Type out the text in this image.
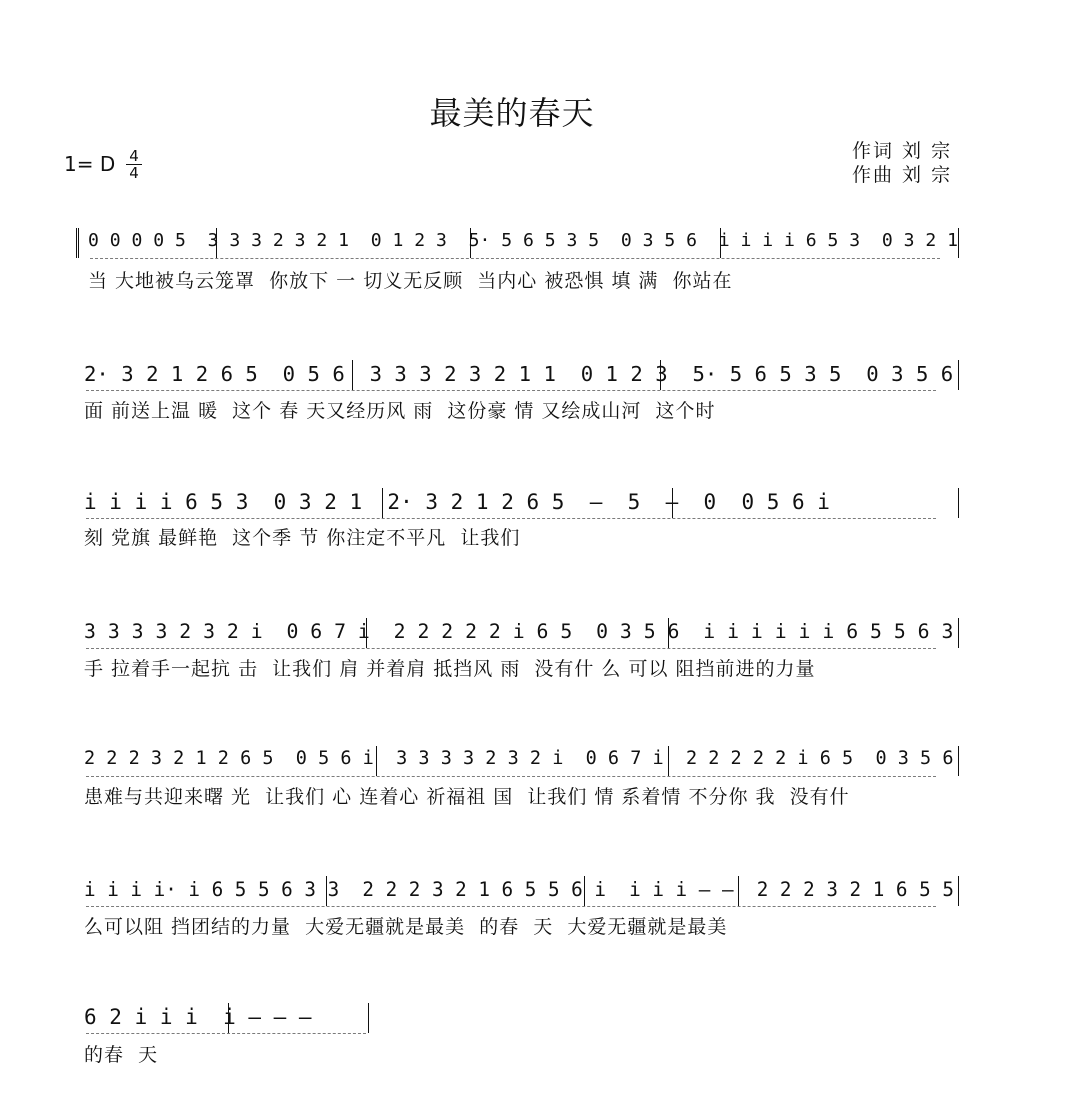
最美的春天
作词 刘 宗
作曲 刘 宗
1= D 4
4
0 0 0 0 5  3 3 3 2 3 2 1  0 1 2 3  5· 5 6 5 3 5  0 3 5 6  i i i i 6 5 3  0 3 2 1
当 大地被乌云笼罩  你放下 一 切义无反顾  当内心 被恐惧 填 满  你站在
2· 3 2 1 2 6 5  0 5 6  3 3 3 2 3 2 1 1  0 1 2 3  5· 5 6 5 3 5  0 3 5 6
面 前送上温 暖  这个 春 天又经历风 雨  这份豪 情 又绘成山河  这个时
i i i i 6 5 3  0 3 2 1  2· 3 2 1 2 6 5  —  5  —  0  0 5 6 i
刻 党旗 最鲜艳  这个季 节 你注定不平凡  让我们
3 3 3 3 2 3 2 i  0 6 7 i  2 2 2 2 2 i 6 5  0 3 5 6  i i i i i i 6 5 5 6 3
手 拉着手一起抗 击  让我们 肩 并着肩 抵挡风 雨  没有什 么 可以 阻挡前进的力量
2 2 2 3 2 1 2 6 5  0 5 6 i  3 3 3 3 2 3 2 i  0 6 7 i  2 2 2 2 2 i 6 5  0 3 5 6
患难与共迎来曙 光  让我们 心 连着心 祈福祖 国  让我们 情 系着情 不分你 我  没有什
i i i i· i 6 5 5 6 3 3  2 2 2 3 2 1 6 5 5 6 i  i i i — —  2 2 2 3 2 1 6 5 5
么可以阻 挡团结的力量  大爱无疆就是最美  的春  天  大爱无疆就是最美
6 2 i i i  i — — —
的春  天
